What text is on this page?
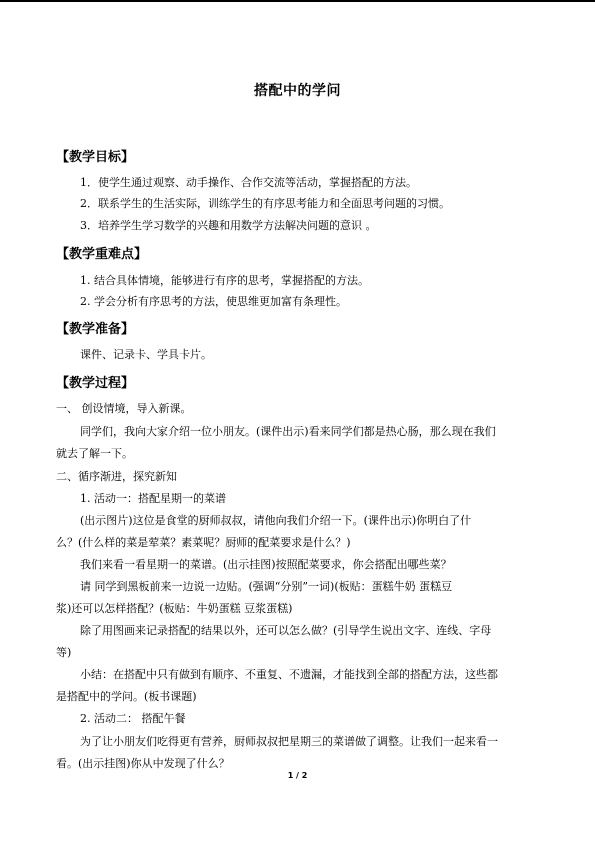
搭配中的学问
【教学目标】
1．使学生通过观察、动手操作、合作交流等活动，掌握搭配的方法。
2．联系学生的生活实际，训练学生的有序思考能力和全面思考问题的习惯。
3．培养学生学习数学的兴趣和用数学方法解决问题的意识 。
【教学重难点】
1. 结合具体情境，能够进行有序的思考，掌握搭配的方法。
2. 学会分析有序思考的方法，使思维更加富有条理性。
【教学准备】
课件、记录卡、学具卡片。
【教学过程】
一、 创设情境，导入新课。
同学们，我向大家介绍一位小朋友。(课件出示)看来同学们都是热心肠，那么现在我们
就去了解一下。
二、循序渐进，探究新知
1. 活动一：搭配星期一的菜谱
(出示图片)这位是食堂的厨师叔叔，请他向我们介绍一下。(课件出示)你明白了什
么？(什么样的菜是荤菜？素菜呢？厨师的配菜要求是什么？)
我们来看一看星期一的菜谱。(出示挂图)按照配菜要求，你会搭配出哪些菜？
请 同学到黑板前来一边说一边贴。(强调“分别”一词)(板贴：蛋糕牛奶 蛋糕豆
浆)还可以怎样搭配？(板贴：牛奶蛋糕 豆浆蛋糕)
除了用图画来记录搭配的结果以外，还可以怎么做？(引导学生说出文字、连线、字母
等)
小结：在搭配中只有做到有顺序、不重复、不遗漏，才能找到全部的搭配方法，这些都
是搭配中的学问。(板书课题)
2. 活动二： 搭配午餐
为了让小朋友们吃得更有营养，厨师叔叔把星期三的菜谱做了调整。让我们一起来看一
看。(出示挂图)你从中发现了什么？
1 / 2
